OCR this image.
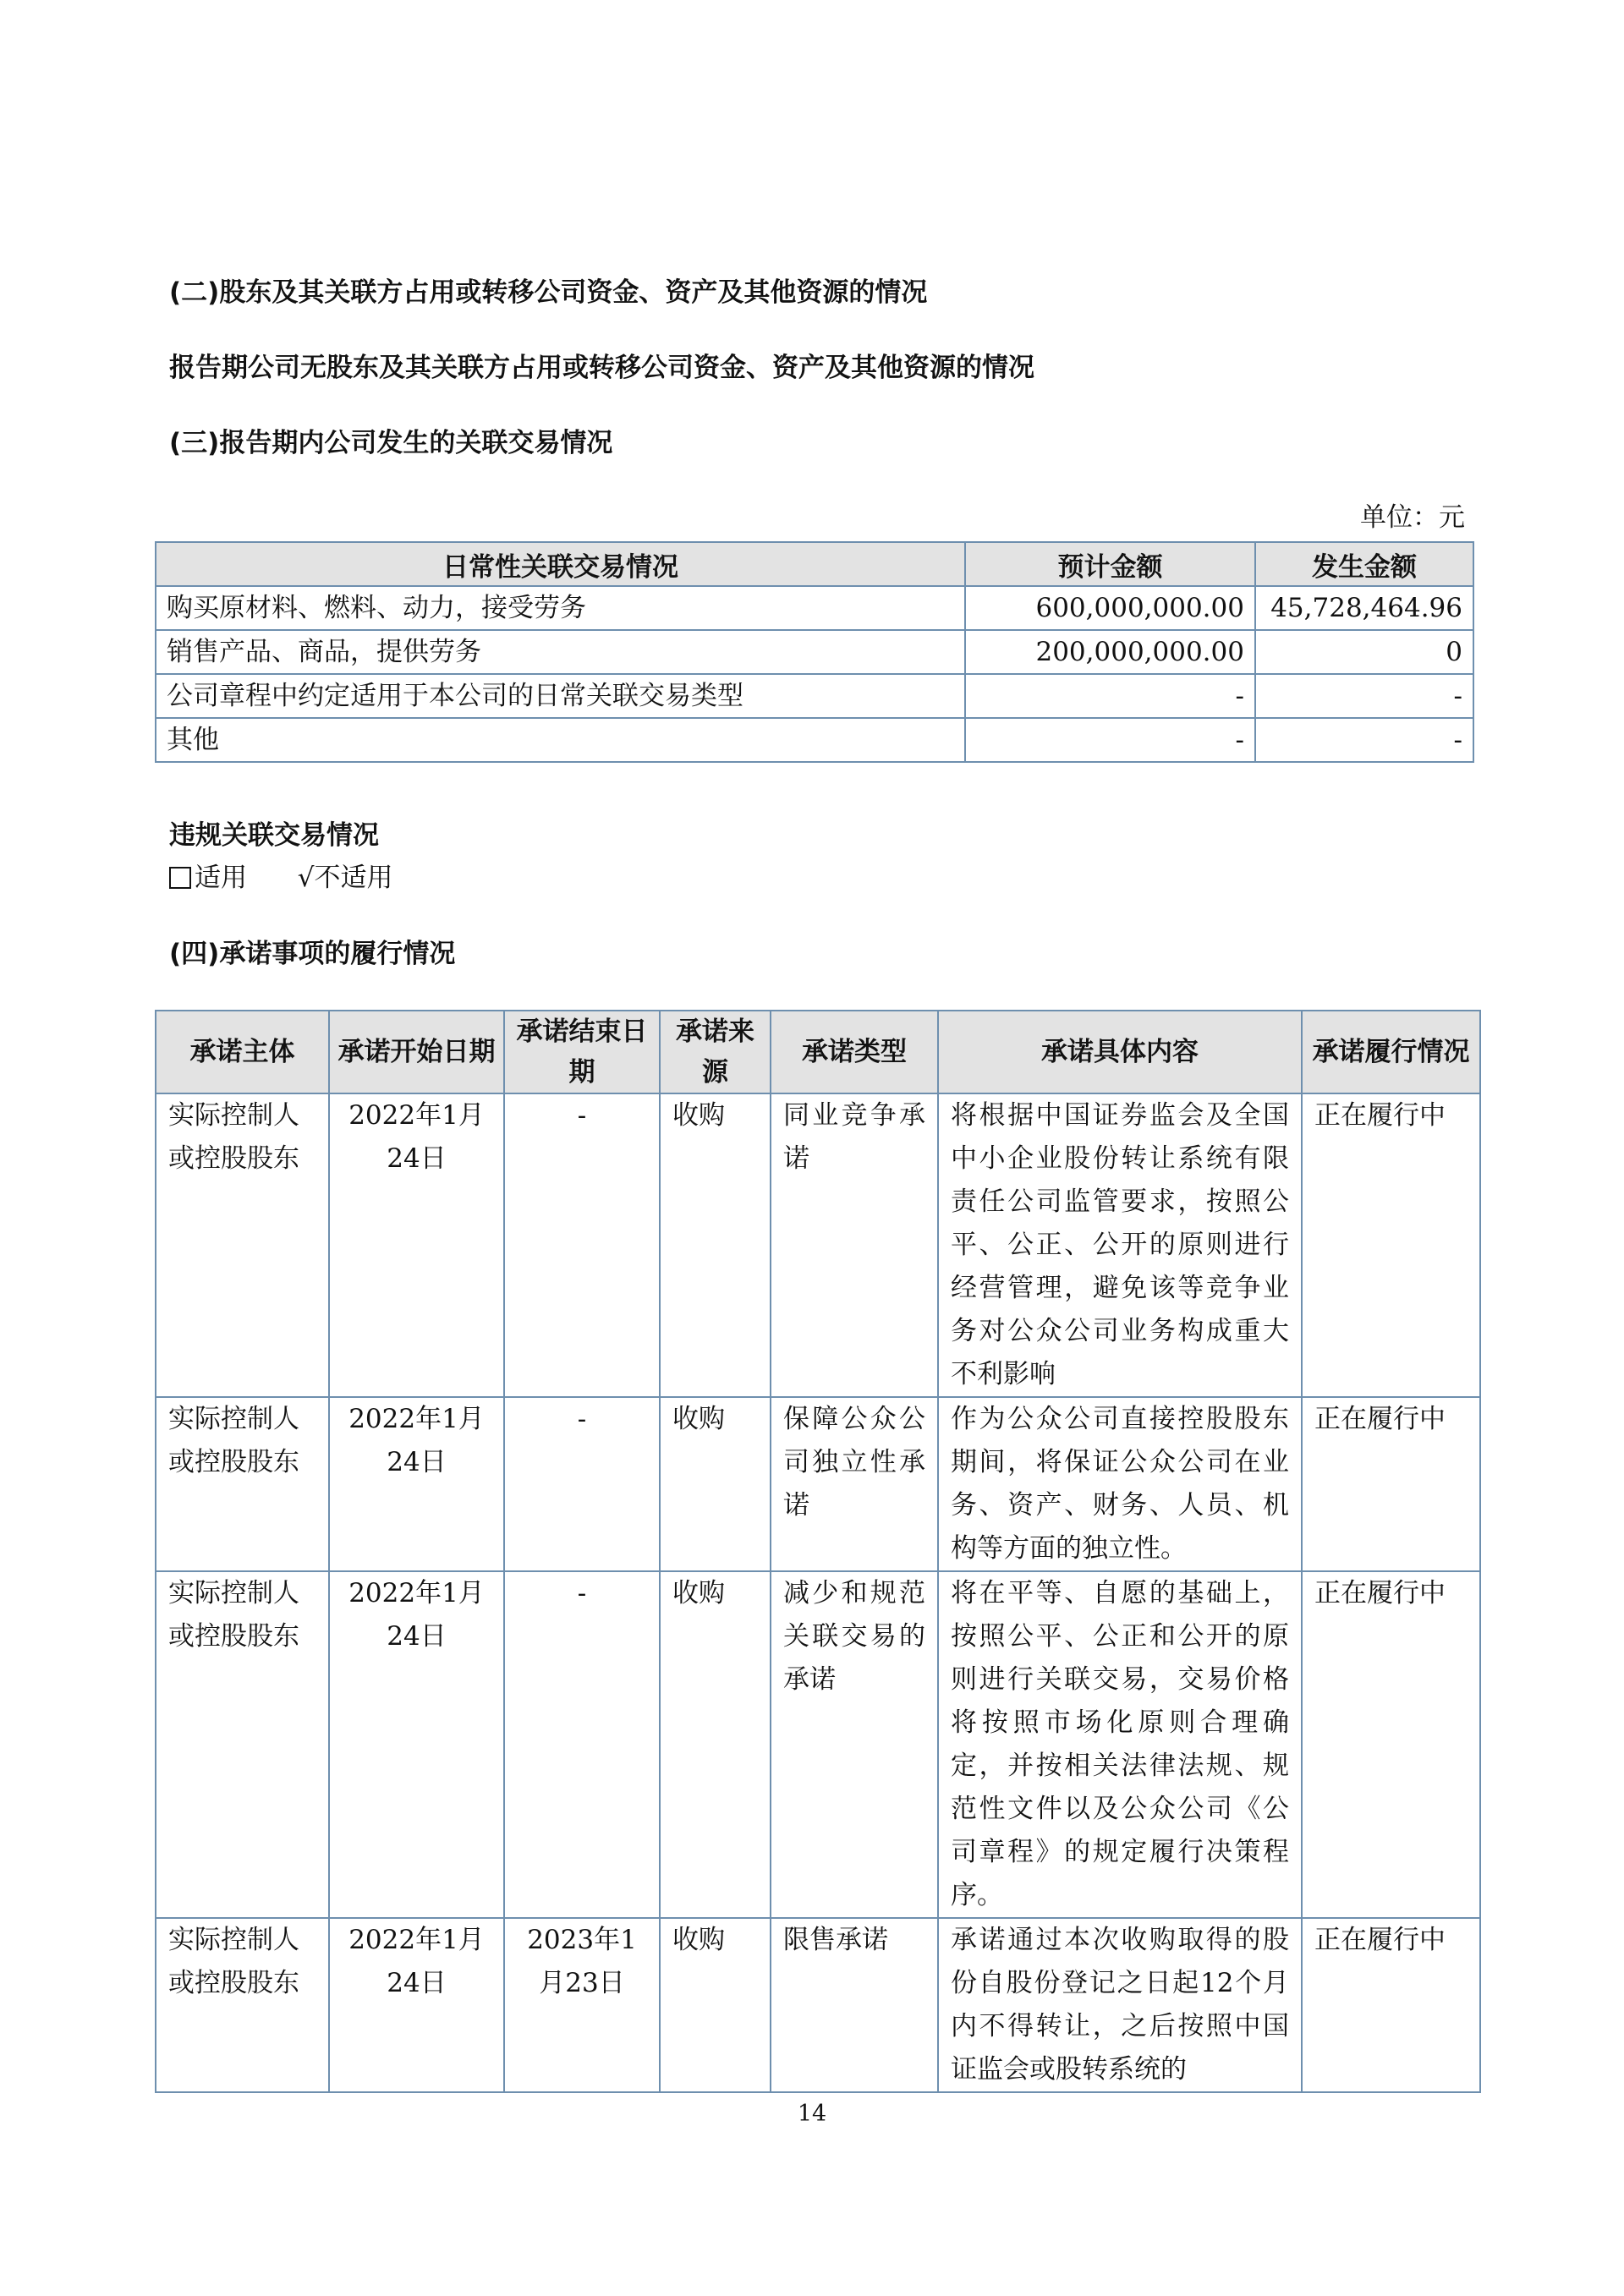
(二)股东及其关联方占用或转移公司资金、资产及其他资源的情况
报告期公司无股东及其关联方占用或转移公司资金、资产及其他资源的情况
(三)报告期内公司发生的关联交易情况
单位：元
日常性关联交易情况	预计金额	发生金额
购买原材料、燃料、动力，接受劳务	600,000,000.00	45,728,464.96
销售产品、商品，提供劳务	200,000,000.00	0
公司章程中约定适用于本公司的日常关联交易类型	-	-
其他	-	-
违规关联交易情况
适用 √不适用
(四)承诺事项的履行情况
承诺主体	承诺开始日期	承诺结束日期	承诺来源	承诺类型	承诺具体内容	承诺履行情况
实际控制人或控股股东	2022年1月24日	-	收购	同业竞争承诺	将根据中国证券监会及全国中小企业股份转让系统有限责任公司监管要求，按照公平、公正、公开的原则进行经营管理，避免该等竞争业务对公众公司业务构成重大不利影响	正在履行中
实际控制人或控股股东	2022年1月24日	-	收购	保障公众公司独立性承诺	作为公众公司直接控股股东期间，将保证公众公司在业务、资产、财务、人员、机构等方面的独立性。	正在履行中
实际控制人或控股股东	2022年1月24日	-	收购	减少和规范关联交易的承诺	将在平等、自愿的基础上，按照公平、公正和公开的原则进行关联交易，交易价格将按照市场化原则合理确定，并按相关法律法规、规范性文件以及公众公司《公司章程》的规定履行决策程序。	正在履行中
实际控制人或控股股东	2022年1月24日	2023年1月23日	收购	限售承诺	承诺通过本次收购取得的股份自股份登记之日起12个月内不得转让，之后按照中国证监会或股转系统的	正在履行中
14
